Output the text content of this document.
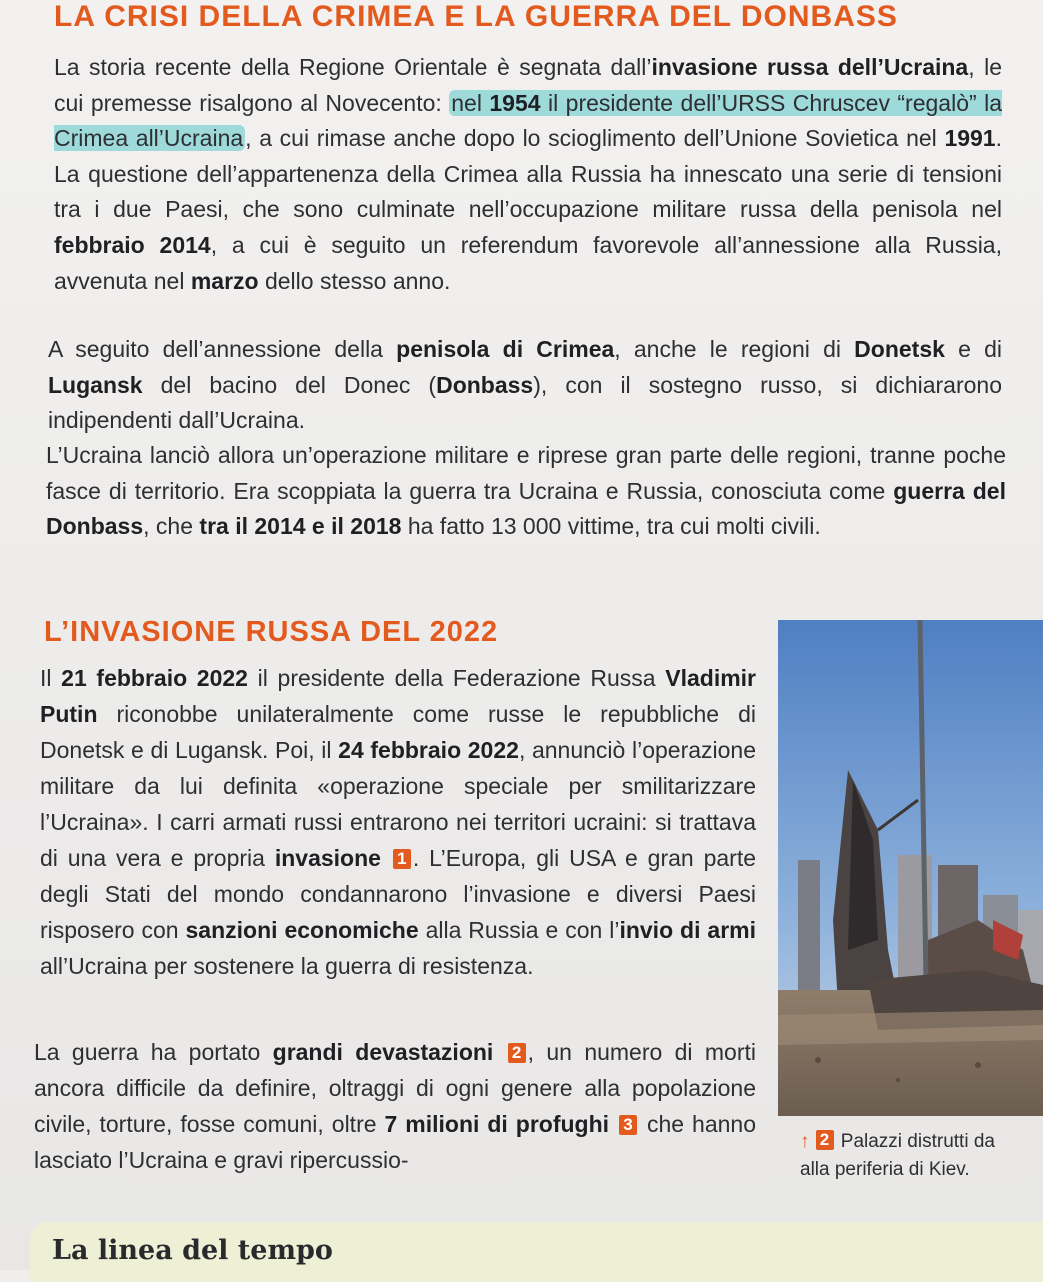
LA CRISI DELLA CRIMEA E LA GUERRA DEL DONBASS

La storia recente della Regione Orientale è segnata dall’invasione russa dell’Ucraina, le cui premesse risalgono al Novecento: nel 1954 il presidente dell’URSS Chruscev “regalò” la Crimea all’Ucraina, a cui rimase anche dopo lo scioglimento dell’Unione Sovietica nel 1991. La questione dell’appartenenza della Crimea alla Russia ha innescato una serie di tensioni tra i due Paesi, che sono culminate nell’occupazione militare russa della penisola nel febbraio 2014, a cui è seguito un referendum favorevole all’annessione alla Russia, avvenuta nel marzo dello stesso anno.

A seguito dell’annessione della penisola di Crimea, anche le regioni di Donetsk e di Lugansk del bacino del Donec (Donbass), con il sostegno russo, si dichiararono indipendenti dall’Ucraina.

L’Ucraina lanciò allora un’operazione militare e riprese gran parte delle regioni, tranne poche fasce di territorio. Era scoppiata la guerra tra Ucraina e Russia, conosciuta come guerra del Donbass, che tra il 2014 e il 2018 ha fatto 13 000 vittime, tra cui molti civili.

L’INVASIONE RUSSA DEL 2022

Il 21 febbraio 2022 il presidente della Federazione Russa Vladimir Putin riconobbe unilateralmente come russe le repubbliche di Donetsk e di Lugansk. Poi, il 24 febbraio 2022, annunciò l’operazione militare da lui definita «operazione speciale per smilitarizzare l’Ucraina». I carri armati russi entrarono nei territori ucraini: si trattava di una vera e propria invasione 1 . L’Europa, gli USA e gran parte degli Stati del mondo condannarono l’invasione e diversi Paesi risposero con sanzioni economiche alla Russia e con l’invio di armi all’Ucraina per sostenere la guerra di resistenza.

La guerra ha portato grandi devastazioni 2 , un numero di morti ancora difficile da definire, oltraggi di ogni genere alla popolazione civile, torture, fosse comuni, oltre 7 milioni di profughi 3 che hanno lasciato l’Ucraina e gravi ripercussio-

↑ 2 Palazzi distrutti da
alla periferia di Kiev.
La linea del tempo
